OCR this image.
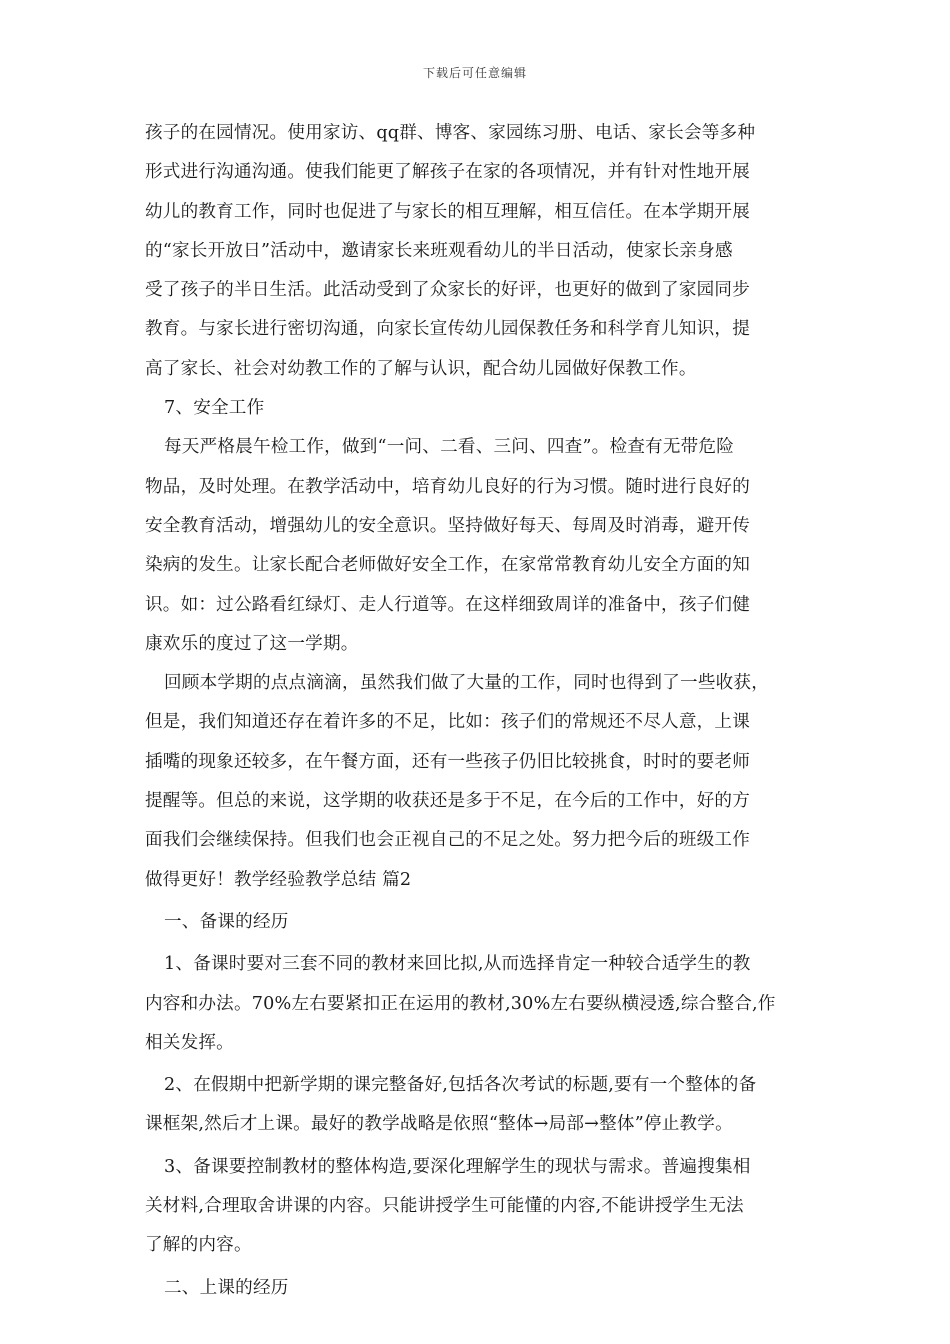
下载后可任意编辑
孩子的在园情况。使用家访、qq群、博客、家园练习册、电话、家长会等多种
形式进行沟通沟通。使我们能更了解孩子在家的各项情况，并有针对性地开展
幼儿的教育工作，同时也促进了与家长的相互理解，相互信任。在本学期开展
的“家长开放日”活动中，邀请家长来班观看幼儿的半日活动，使家长亲身感
受了孩子的半日生活。此活动受到了众家长的好评，也更好的做到了家园同步
教育。与家长进行密切沟通，向家长宣传幼儿园保教任务和科学育儿知识，提
高了家长、社会对幼教工作的了解与认识，配合幼儿园做好保教工作。
7、安全工作
每天严格晨午检工作，做到“一问、二看、三问、四查”。检查有无带危险
物品，及时处理。在教学活动中，培育幼儿良好的行为习惯。随时进行良好的
安全教育活动，增强幼儿的安全意识。坚持做好每天、每周及时消毒，避开传
染病的发生。让家长配合老师做好安全工作，在家常常教育幼儿安全方面的知
识。如：过公路看红绿灯、走人行道等。在这样细致周详的准备中，孩子们健
康欢乐的度过了这一学期。
回顾本学期的点点滴滴，虽然我们做了大量的工作，同时也得到了一些收获，
但是，我们知道还存在着许多的不足，比如：孩子们的常规还不尽人意，上课
插嘴的现象还较多，在午餐方面，还有一些孩子仍旧比较挑食，时时的要老师
提醒等。但总的来说，这学期的收获还是多于不足，在今后的工作中，好的方
面我们会继续保持。但我们也会正视自己的不足之处。努力把今后的班级工作
做得更好！教学经验教学总结 篇2
一、备课的经历
1、备课时要对三套不同的教材来回比拟,从而选择肯定一种较合适学生的教
内容和办法。70%左右要紧扣正在运用的教材,30%左右要纵横浸透,综合整合,作
相关发挥。
2、在假期中把新学期的课完整备好,包括各次考试的标题,要有一个整体的备
课框架,然后才上课。最好的教学战略是依照“整体→局部→整体”停止教学。
3、备课要控制教材的整体构造,要深化理解学生的现状与需求。普遍搜集相
关材料,合理取舍讲课的内容。只能讲授学生可能懂的内容,不能讲授学生无法
了解的内容。
二、上课的经历
